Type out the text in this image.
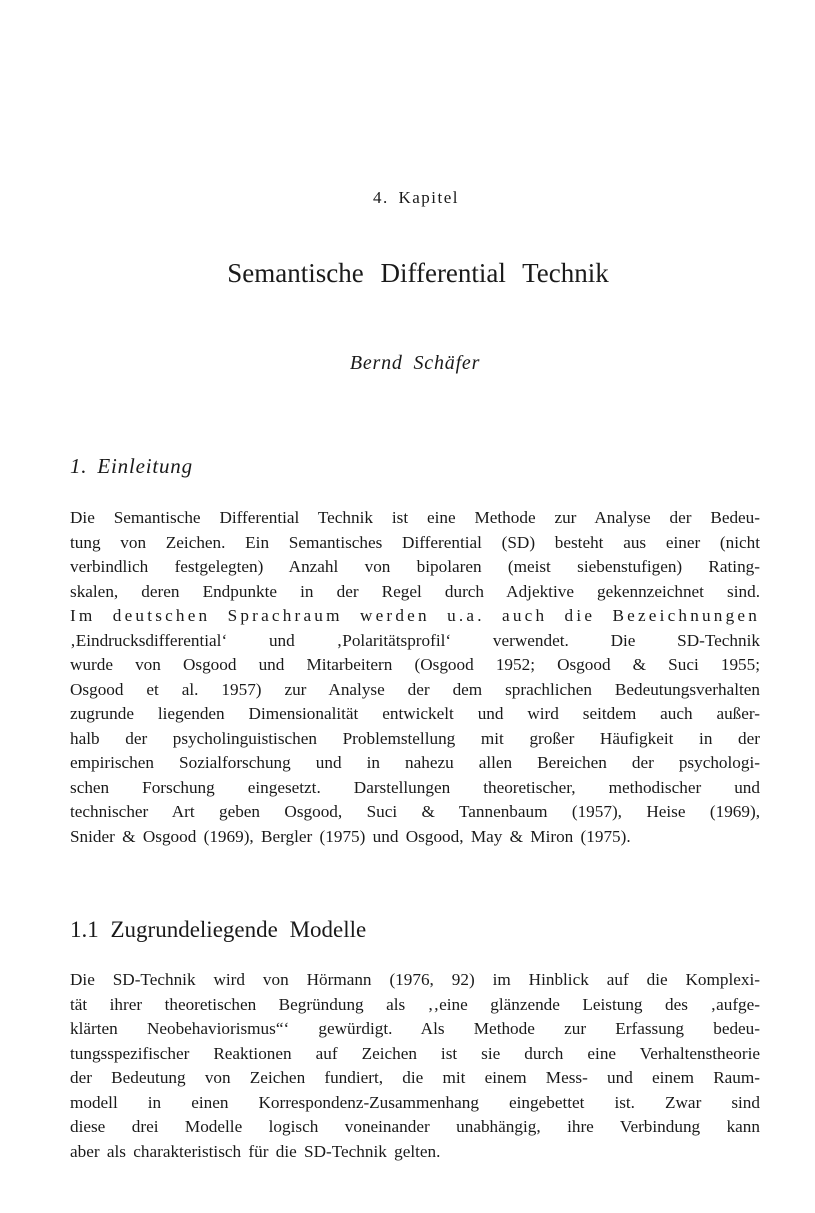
4. Kapitel
Semantische Differential Technik
Bernd Schäfer
1. Einleitung
Die Semantische Differential Technik ist eine Methode zur Analyse der Bedeu-
tung von Zeichen. Ein Semantisches Differential (SD) besteht aus einer (nicht
verbindlich festgelegten) Anzahl von bipolaren (meist siebenstufigen) Rating-
skalen, deren Endpunkte in der Regel durch Adjektive gekennzeichnet sind.
Im deutschen Sprachraum werden u.a. auch die Bezeichnungen
‚Eindrucksdifferential‘ und ‚Polaritätsprofil‘ verwendet. Die SD-Technik
wurde von Osgood und Mitarbeitern (Osgood 1952; Osgood & Suci 1955;
Osgood et al. 1957) zur Analyse der dem sprachlichen Bedeutungsverhalten
zugrunde liegenden Dimensionalität entwickelt und wird seitdem auch außer-
halb der psycholinguistischen Problemstellung mit großer Häufigkeit in der
empirischen Sozialforschung und in nahezu allen Bereichen der psychologi-
schen Forschung eingesetzt. Darstellungen theoretischer, methodischer und
technischer Art geben Osgood, Suci & Tannenbaum (1957), Heise (1969),
Snider & Osgood (1969), Bergler (1975) und Osgood, May & Miron (1975).
1.1 Zugrundeliegende Modelle
Die SD-Technik wird von Hörmann (1976, 92) im Hinblick auf die Komplexi-
tät ihrer theoretischen Begründung als ‚‚eine glänzende Leistung des ‚aufge-
klärten Neobehaviorismus“‘ gewürdigt. Als Methode zur Erfassung bedeu-
tungsspezifischer Reaktionen auf Zeichen ist sie durch eine Verhaltenstheorie
der Bedeutung von Zeichen fundiert, die mit einem Mess- und einem Raum-
modell in einen Korrespondenz-Zusammenhang eingebettet ist. Zwar sind
diese drei Modelle logisch voneinander unabhängig, ihre Verbindung kann
aber als charakteristisch für die SD-Technik gelten.
